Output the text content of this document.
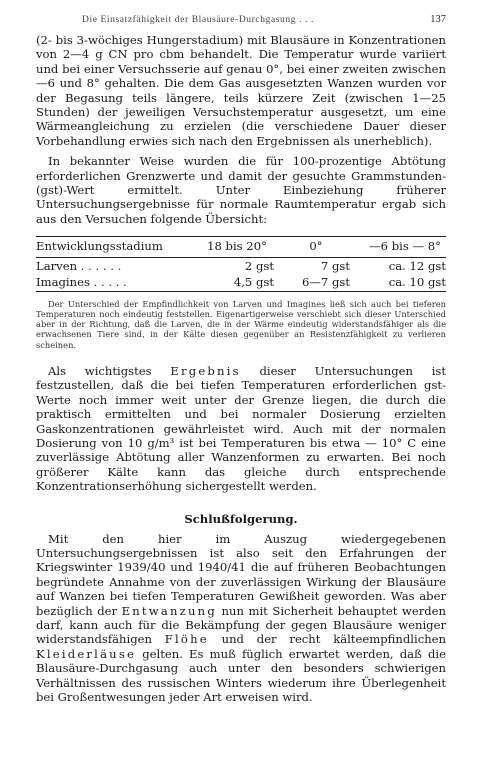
Die Einsatzfähigkeit der Blausäure-Durchgasung . . .	137

(2- bis 3-wöchiges Hungerstadium) mit Blausäure in Konzentrationen von 2—4 g CN pro cbm behandelt. Die Temperatur wurde variiert und bei einer Versuchsserie auf genau 0°, bei einer zweiten zwischen —6 und 8° gehalten. Die dem Gas ausgesetzten Wanzen wurden vor der Begasung teils längere, teils kürzere Zeit (zwischen 1—25 Stunden) der jeweiligen Versuchstemperatur ausgesetzt, um eine Wärmeangleichung zu erzielen (die verschiedene Dauer dieser Vorbehandlung erwies sich nach den Ergebnissen als unerheblich).

In bekannter Weise wurden die für 100-prozentige Abtötung erforderlichen Grenzwerte und damit der gesuchte Grammstunden- (gst)-Wert ermittelt. Unter Einbeziehung früherer Untersuchungsergebnisse für normale Raumtemperatur ergab sich aus den Versuchen folgende Übersicht:

Entwicklungsstadium	18 bis 20°	0°	—6 bis — 8°
Larven . . . . . .	2 gst	7 gst	ca. 12 gst
Imagines . . . . .	4,5 gst	6—7 gst	ca. 10 gst

Der Unterschied der Empfindlichkeit von Larven und Imagines ließ sich auch bei tieferen Temperaturen noch eindeutig feststellen. Eigenartigerweise verschiebt sich dieser Unterschied aber in der Richtung, daß die Larven, die in der Wärme eindeutig widerstandsfähiger als die erwachsenen Tiere sind, in der Kälte diesen gegenüber an Resistenzfähigkeit zu verlieren scheinen.

Als wichtigstes Ergebnis dieser Untersuchungen ist festzustellen, daß die bei tiefen Temperaturen erforderlichen gst-Werte noch immer weit unter der Grenze liegen, die durch die praktisch ermittelten und bei normaler Dosierung erzielten Gaskonzentrationen gewährleistet wird. Auch mit der normalen Dosierung von 10 g/m³ ist bei Temperaturen bis etwa — 10° C eine zuverlässige Abtötung aller Wanzenformen zu erwarten. Bei noch größerer Kälte kann das gleiche durch entsprechende Konzentrationserhöhung sichergestellt werden.

Schlußfolgerung.

Mit den hier im Auszug wiedergegebenen Untersuchungsergebnissen ist also seit den Erfahrungen der Kriegswinter 1939/40 und 1940/41 die auf früheren Beobachtungen begründete Annahme von der zuverlässigen Wirkung der Blausäure auf Wanzen bei tiefen Temperaturen Gewißheit geworden. Was aber bezüglich der Entwanzung nun mit Sicherheit behauptet werden darf, kann auch für die Bekämpfung der gegen Blausäure weniger widerstandsfähigen Flöhe und der recht kälteempfindlichen Kleiderläuse gelten. Es muß füglich erwartet werden, daß die Blausäure-Durchgasung auch unter den besonders schwierigen Verhältnissen des russischen Winters wiederum ihre Überlegenheit bei Großentwesungen jeder Art erweisen wird.
